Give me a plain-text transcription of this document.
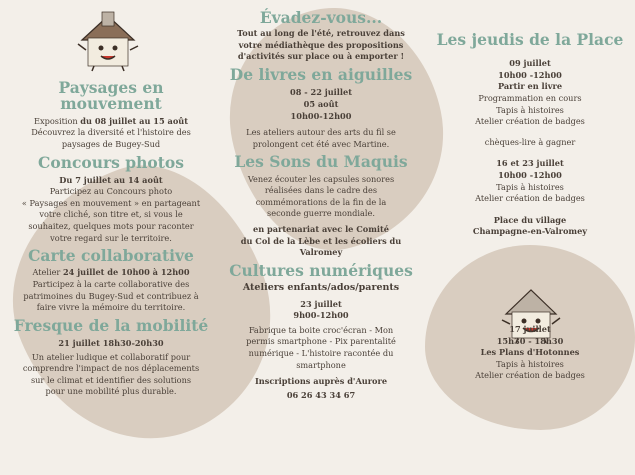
Paysages en mouvement

Exposition du 08 juillet au 15 août

Découvrez la diversité et l'histoire des

paysages de Bugey-Sud

Concours photos

Du 7 juillet au 14 août

Participez au Concours photo

« Paysages en mouvement » en partageant

votre cliché, son titre et, si vous le

souhaitez, quelques mots pour raconter

votre regard sur le territoire.

Carte collaborative

Atelier 24 juillet de 10h00 à 12h00

Participez à la carte collaborative des

patrimoines du Bugey-Sud et contribuez à

faire vivre la mémoire du territoire.

Fresque de la mobilité

21 juillet 18h30-20h30

Un atelier ludique et collaboratif pour

comprendre l'impact de nos déplacements

sur le climat et identifier des solutions

pour une mobilité plus durable.

Évadez-vous...

Tout au long de l'été, retrouvez dans

votre médiathèque des propositions

d'activités sur place ou à emporter !

De livres en aiguilles

08 - 22 juillet

05 août

10h00-12h00

Les ateliers autour des arts du fil se

prolongent cet été avec Martine.

Les Sons du Maquis

Venez écouter les capsules sonores

réalisées dans le cadre des

commémorations de la fin de la

seconde guerre mondiale.

en partenariat avec le Comité

du Col de la Lèbe et les écoliers du

Valromey

Cultures numériques

Ateliers enfants/ados/parents

23 juillet

9h00-12h00

Fabrique ta boite croc'écran - Mon

permis smartphone - Pix parentalité

numérique - L'histoire racontée du

smartphone

Inscriptions auprès d'Aurore

06 26 43 34 67

Les jeudis de la Place

09 juillet

10h00 -12h00

Partir en livre

Programmation en cours

Tapis à histoires

Atelier création de badges

chèques-lire à gagner

16 et 23 juillet

10h00 -12h00

Tapis à histoires

Atelier création de badges

Place du village

Champagne-en-Valromey

17 juillet

15h30 - 18h30

Les Plans d'Hotonnes

Tapis à histoires

Atelier création de badges
